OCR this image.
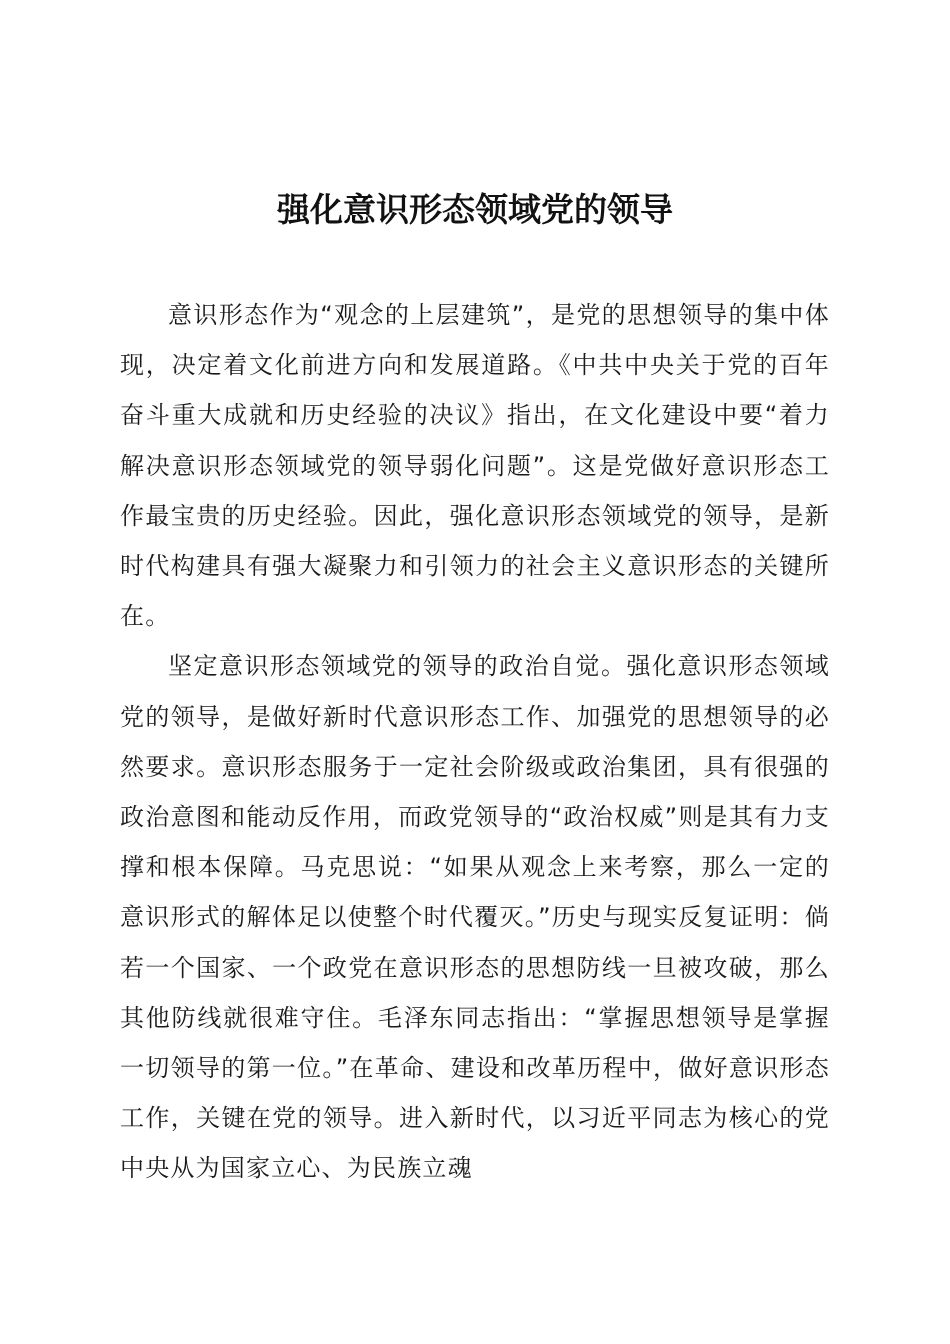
强化意识形态领域党的领导

意识形态作为“观念的上层建筑”，是党的思想领导的集中体现，决定着文化前进方向和发展道路。《中共中央关于党的百年奋斗重大成就和历史经验的决议》指出，在文化建设中要“着力解决意识形态领域党的领导弱化问题”。这是党做好意识形态工作最宝贵的历史经验。因此，强化意识形态领域党的领导，是新时代构建具有强大凝聚力和引领力的社会主义意识形态的关键所在。

坚定意识形态领域党的领导的政治自觉。强化意识形态领域党的领导，是做好新时代意识形态工作、加强党的思想领导的必然要求。意识形态服务于一定社会阶级或政治集团，具有很强的政治意图和能动反作用，而政党领导的“政治权威”则是其有力支撑和根本保障。马克思说：“如果从观念上来考察，那么一定的意识形式的解体足以使整个时代覆灭。”历史与现实反复证明：倘若一个国家、一个政党在意识形态的思想防线一旦被攻破，那么其他防线就很难守住。毛泽东同志指出：“掌握思想领导是掌握一切领导的第一位。”在革命、建设和改革历程中，做好意识形态工作，关键在党的领导。进入新时代，以习近平同志为核心的党中央从为国家立心、为民族立魂
